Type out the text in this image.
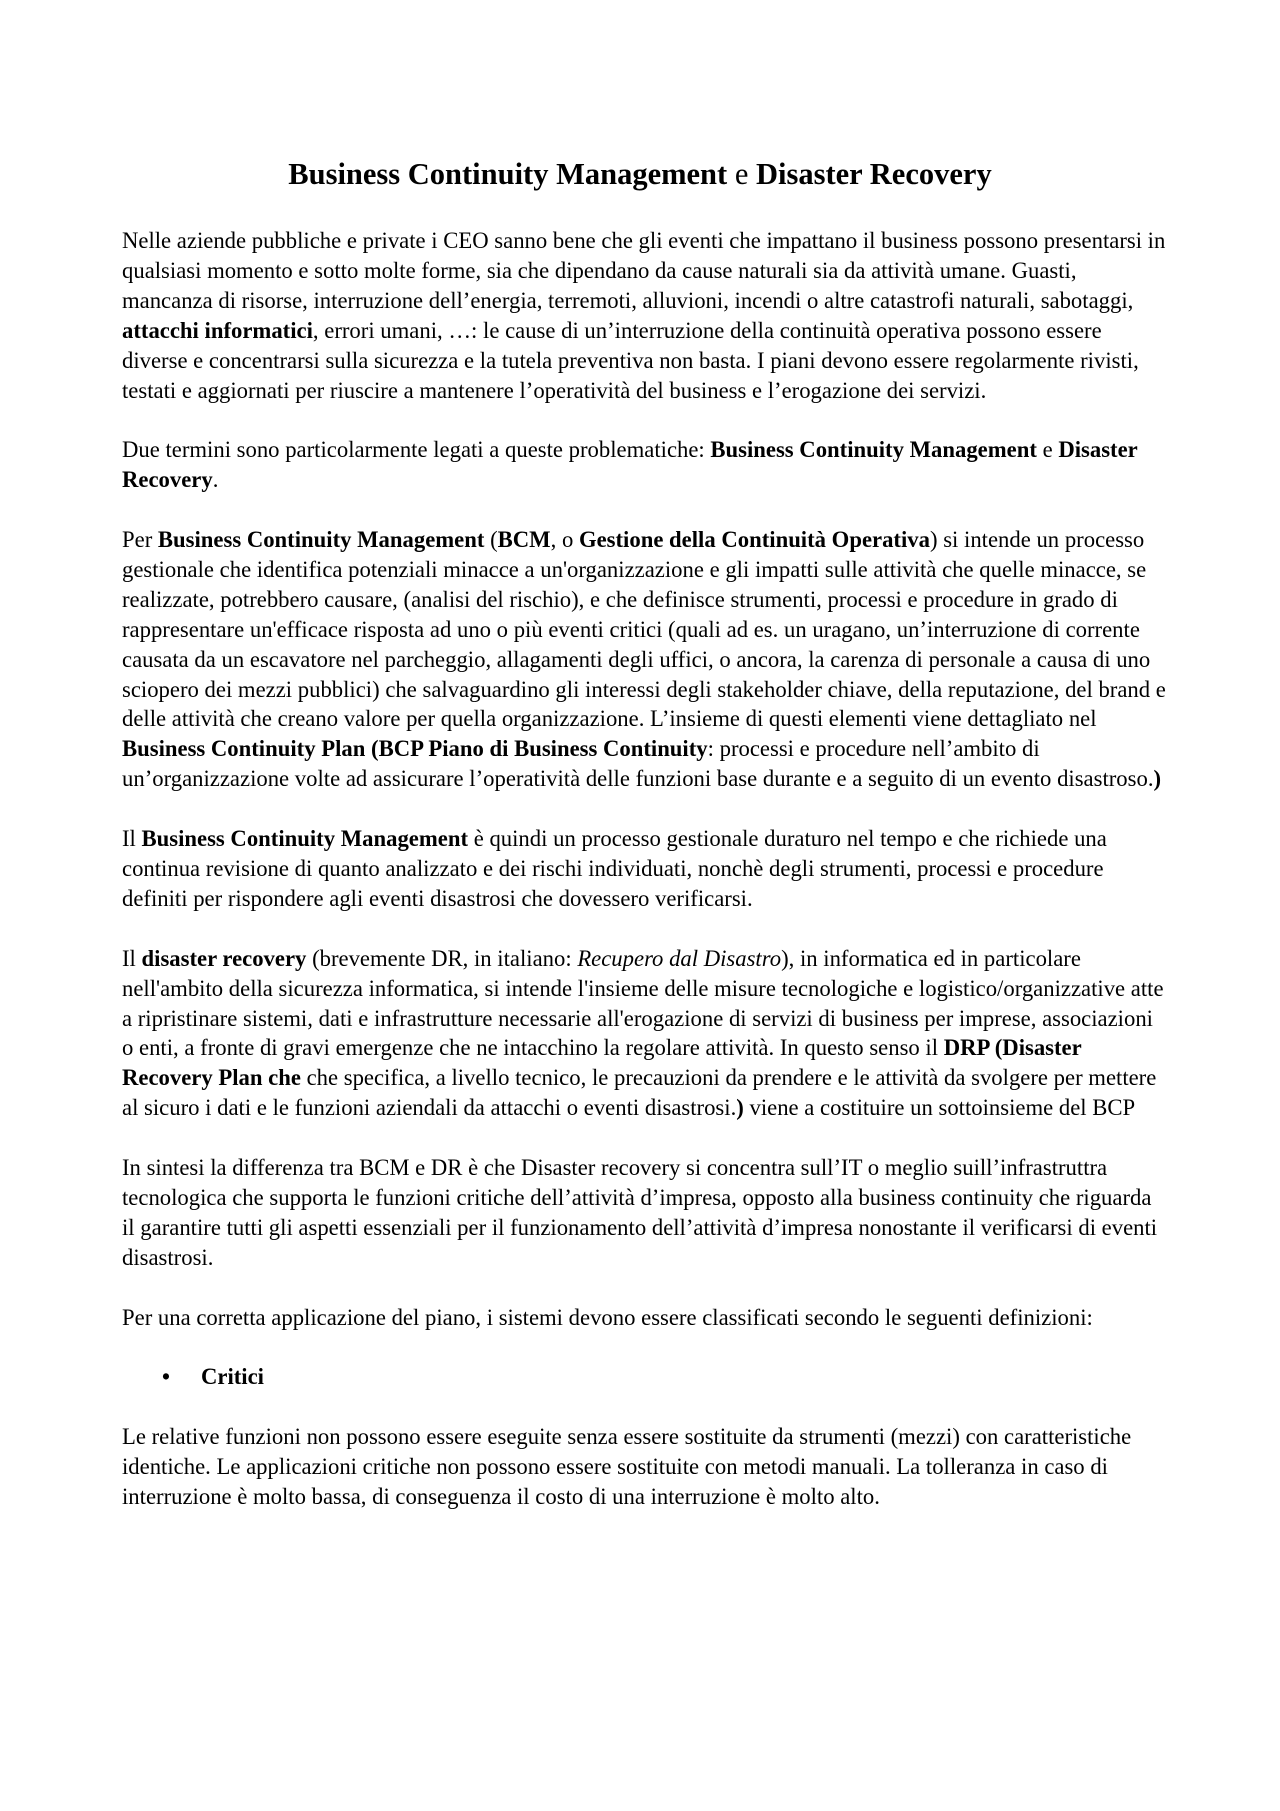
Business Continuity Management e Disaster Recovery

Nelle aziende pubbliche e private i CEO sanno bene che gli eventi che impattano il business possono presentarsi in qualsiasi momento e sotto molte forme, sia che dipendano da cause naturali sia da attività umane. Guasti, mancanza di risorse, interruzione dell’energia, terremoti, alluvioni, incendi o altre catastrofi naturali, sabotaggi, attacchi informatici, errori umani, …: le cause di un’interruzione della continuità operativa possono essere diverse e concentrarsi sulla sicurezza e la tutela preventiva non basta. I piani devono essere regolarmente rivisti, testati e aggiornati per riuscire a mantenere l’operatività del business e l’erogazione dei servizi.

Due termini sono particolarmente legati a queste problematiche: Business Continuity Management e Disaster Recovery.

Per Business Continuity Management (BCM, o Gestione della Continuità Operativa) si intende un processo gestionale che identifica potenziali minacce a un'organizzazione e gli impatti sulle attività che quelle minacce, se realizzate, potrebbero causare, (analisi del rischio), e che definisce strumenti, processi e procedure in grado di rappresentare un'efficace risposta ad uno o più eventi critici (quali ad es. un uragano, un’interruzione di corrente causata da un escavatore nel parcheggio, allagamenti degli uffici, o ancora, la carenza di personale a causa di uno sciopero dei mezzi pubblici) che salvaguardino gli interessi degli stakeholder chiave, della reputazione, del brand e delle attività che creano valore per quella organizzazione. L’insieme di questi elementi viene dettagliato nel Business Continuity Plan (BCP Piano di Business Continuity: processi e procedure nell’ambito di un’organizzazione volte ad assicurare l’operatività delle funzioni base durante e a seguito di un evento disastroso.)

Il Business Continuity Management è quindi un processo gestionale duraturo nel tempo e che richiede una continua revisione di quanto analizzato e dei rischi individuati, nonchè degli strumenti, processi e procedure definiti per rispondere agli eventi disastrosi che dovessero verificarsi.

Il disaster recovery (brevemente DR, in italiano: Recupero dal Disastro), in informatica ed in particolare nell'ambito della sicurezza informatica, si intende l'insieme delle misure tecnologiche e logistico/organizzative atte a ripristinare sistemi, dati e infrastrutture necessarie all'erogazione di servizi di business per imprese, associazioni o enti, a fronte di gravi emergenze che ne intacchino la regolare attività. In questo senso il DRP (Disaster Recovery Plan che che specifica, a livello tecnico, le precauzioni da prendere e le attività da svolgere per mettere al sicuro i dati e le funzioni aziendali da attacchi o eventi disastrosi.) viene a costituire un sottoinsieme del BCP

In sintesi la differenza tra BCM e DR è che Disaster recovery si concentra sull’IT o meglio suill’infrastruttra tecnologica che supporta le funzioni critiche dell’attività d’impresa, opposto alla business continuity che riguarda il garantire tutti gli aspetti essenziali per il funzionamento dell’attività d’impresa nonostante il verificarsi di eventi disastrosi.

Per una corretta applicazione del piano, i sistemi devono essere classificati secondo le seguenti definizioni:

• Critici

Le relative funzioni non possono essere eseguite senza essere sostituite da strumenti (mezzi) con caratteristiche identiche. Le applicazioni critiche non possono essere sostituite con metodi manuali. La tolleranza in caso di interruzione è molto bassa, di conseguenza il costo di una interruzione è molto alto.
